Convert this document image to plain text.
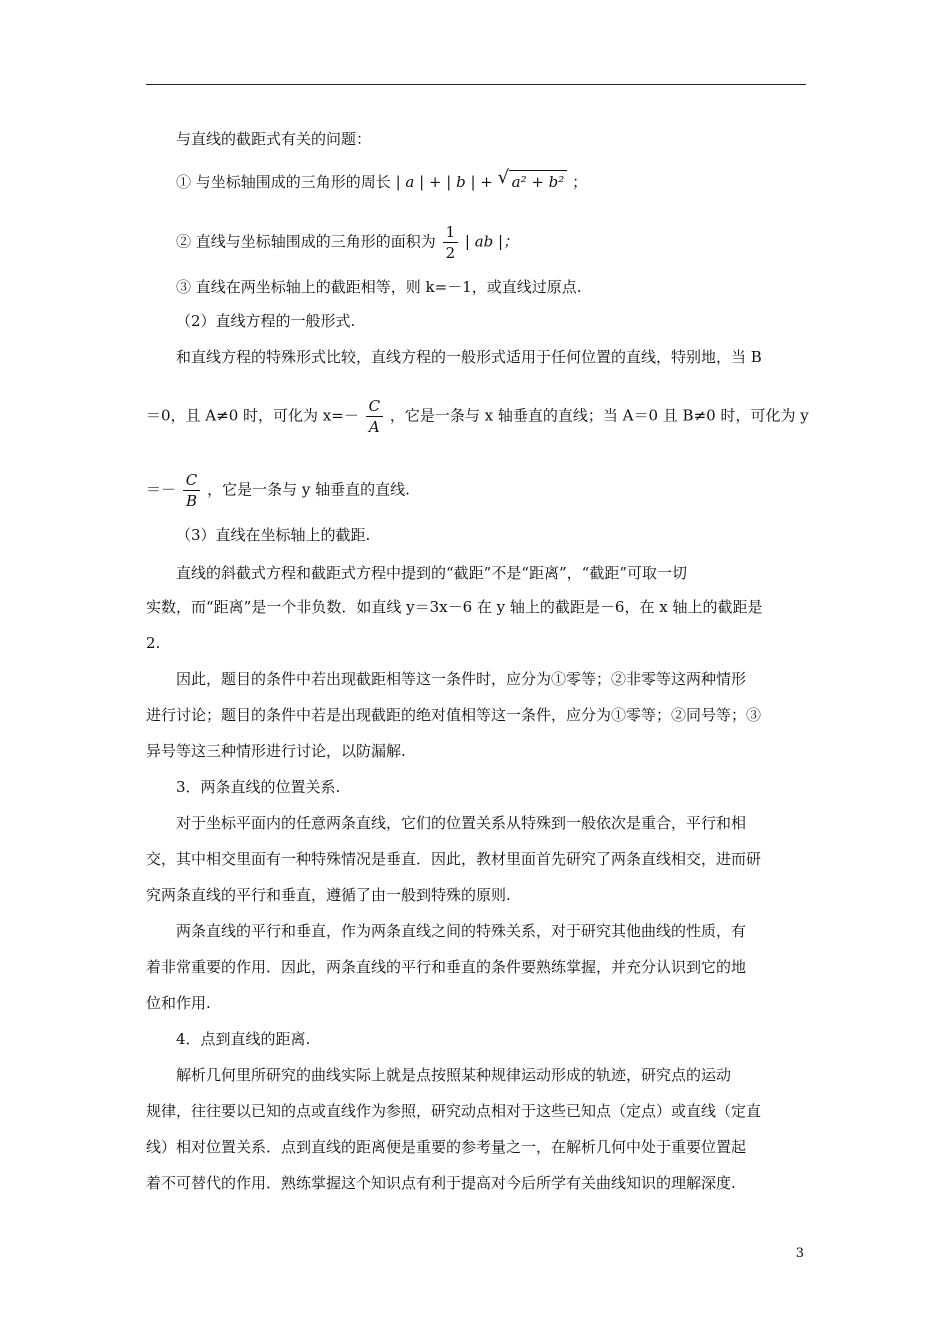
与直线的截距式有关的问题：
① 与坐标轴围成的三角形的周长 | a | + | b | + √ a² + b² ；
② 直线与坐标轴围成的三角形的面积为 $\frac{1}{2}$ | ab |；
③ 直线在两坐标轴上的截距相等，则 k=－1，或直线过原点.
（2）直线方程的一般形式.
和直线方程的特殊形式比较，直线方程的一般形式适用于任何位置的直线，特别地，当 B
＝0，且 A≠0 时，可化为 $x=- \frac{C}{A}$ ，它是一条与 x 轴垂直的直线；当 A＝0 且 B≠0 时，可化为 y
＝－ $\frac{C}{B}$ ，它是一条与 y 轴垂直的直线.
（3）直线在坐标轴上的截距.
直线的斜截式方程和截距式方程中提到的“截距”不是“距离”，“截距”可取一切
实数，而“距离”是一个非负数．如直线 y＝3x－6 在 y 轴上的截距是－6，在 x 轴上的截距是
2.
因此，题目的条件中若出现截距相等这一条件时，应分为①零等；②非零等这两种情形
进行讨论；题目的条件中若是出现截距的绝对值相等这一条件，应分为①零等；②同号等；③
异号等这三种情形进行讨论，以防漏解.
3．两条直线的位置关系.
对于坐标平面内的任意两条直线，它们的位置关系从特殊到一般依次是重合，平行和相
交，其中相交里面有一种特殊情况是垂直．因此，教材里面首先研究了两条直线相交，进而研
究两条直线的平行和垂直，遵循了由一般到特殊的原则.
两条直线的平行和垂直，作为两条直线之间的特殊关系，对于研究其他曲线的性质，有
着非常重要的作用．因此，两条直线的平行和垂直的条件要熟练掌握，并充分认识到它的地
位和作用.
4．点到直线的距离.
解析几何里所研究的曲线实际上就是点按照某种规律运动形成的轨迹，研究点的运动
规律，往往要以已知的点或直线作为参照，研究动点相对于这些已知点（定点）或直线（定直
线）相对位置关系．点到直线的距离便是重要的参考量之一，在解析几何中处于重要位置起
着不可替代的作用．熟练掌握这个知识点有利于提高对今后所学有关曲线知识的理解深度.
3
